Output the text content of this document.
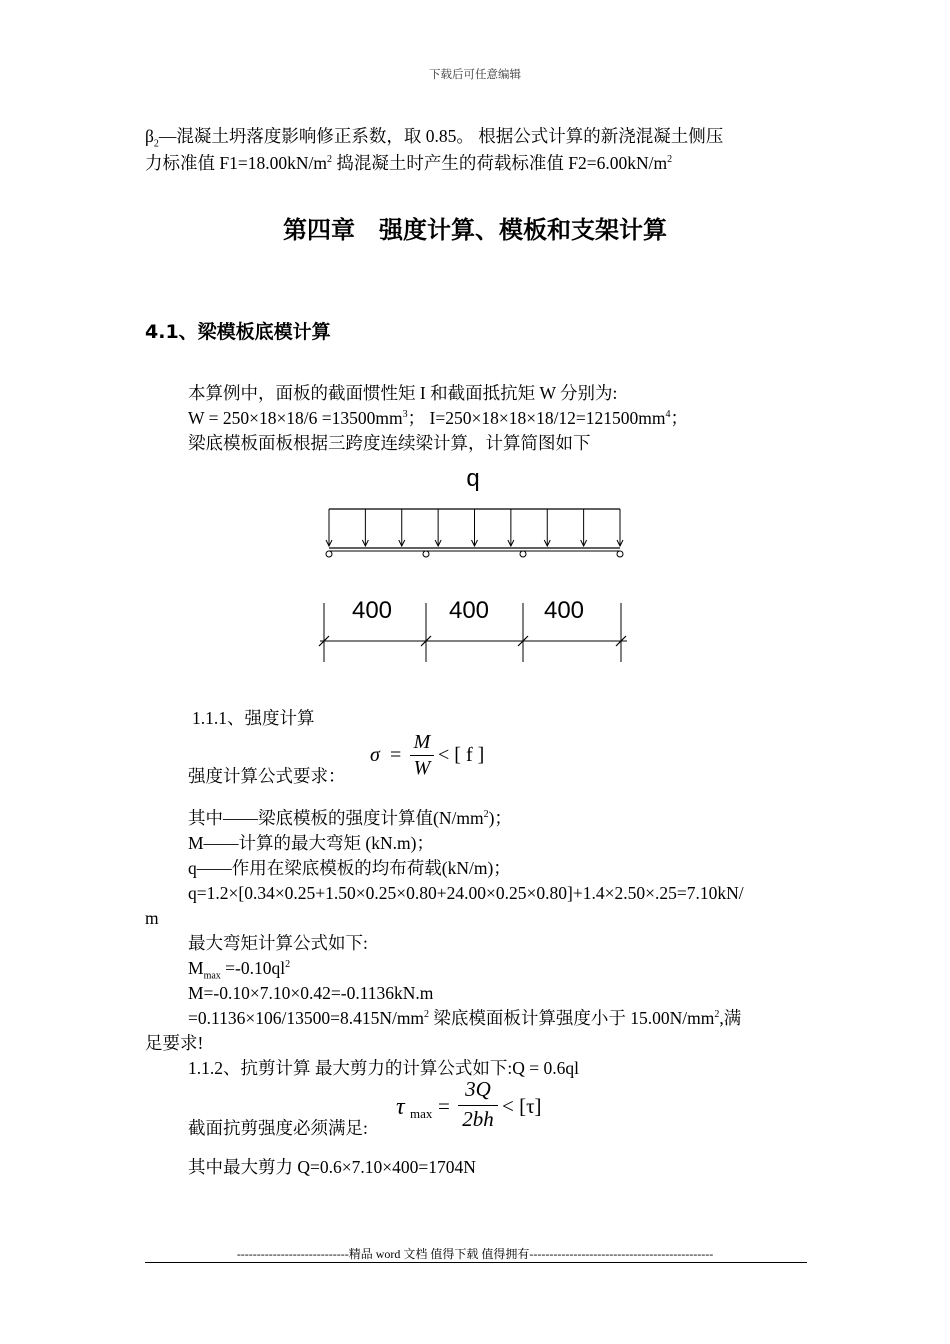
下载后可任意编辑
$\beta_2—$混凝土坍落度影响修正系数，取 0.85。 根据公式计算的新浇混凝土侧压
力标准值 $F1=18.00kN/m^2$ 捣混凝土时产生的荷载标准值 $F2=6.00kN/m^2$
第四章　强度计算、模板和支架计算
4.1、梁模板底模计算
本算例中，面板的截面惯性矩 I 和截面抵抗矩 W 分别为:
$W = 250\times 18\times 18/6 =13500mm^3$； $I=250\times 18\times 18\times 18/12=121500mm^4$；
梁底模板面板根据三跨度连续梁计算，计算简图如下
q
400 400 400
1.1.1、强度计算
强度计算公式要求：
σ =
M
W
< [ f ]
其中——梁底模板的强度计算值$(N/mm^2)$；
M——计算的最大弯矩 (kN.m)；
q——作用在梁底模板的均布荷载(kN/m)；
q=1.2×[0.34×0.25+1.50×0.25×0.80+24.00×0.25×0.80]+1.4×2.50×.25=7.10kN/
m
最大弯矩计算公式如下:
$M_{max} =-0.10ql^2$
M=-0.10×7.10×0.42=-0.1136kN.m
$=0.1136\times 106/13500=8.415N/mm^2$ 梁底模面板计算强度小于 $15.00N/mm^2$,满
足要求!
1.1.2、抗剪计算 最大剪力的计算公式如下:Q = 0.6ql
截面抗剪强度必须满足:
τ max =
3Q
2bh
< [τ]
其中最大剪力 Q=0.6×7.10×400=1704N
----------------------------精品 word 文档 值得下载 值得拥有----------------------------------------------
